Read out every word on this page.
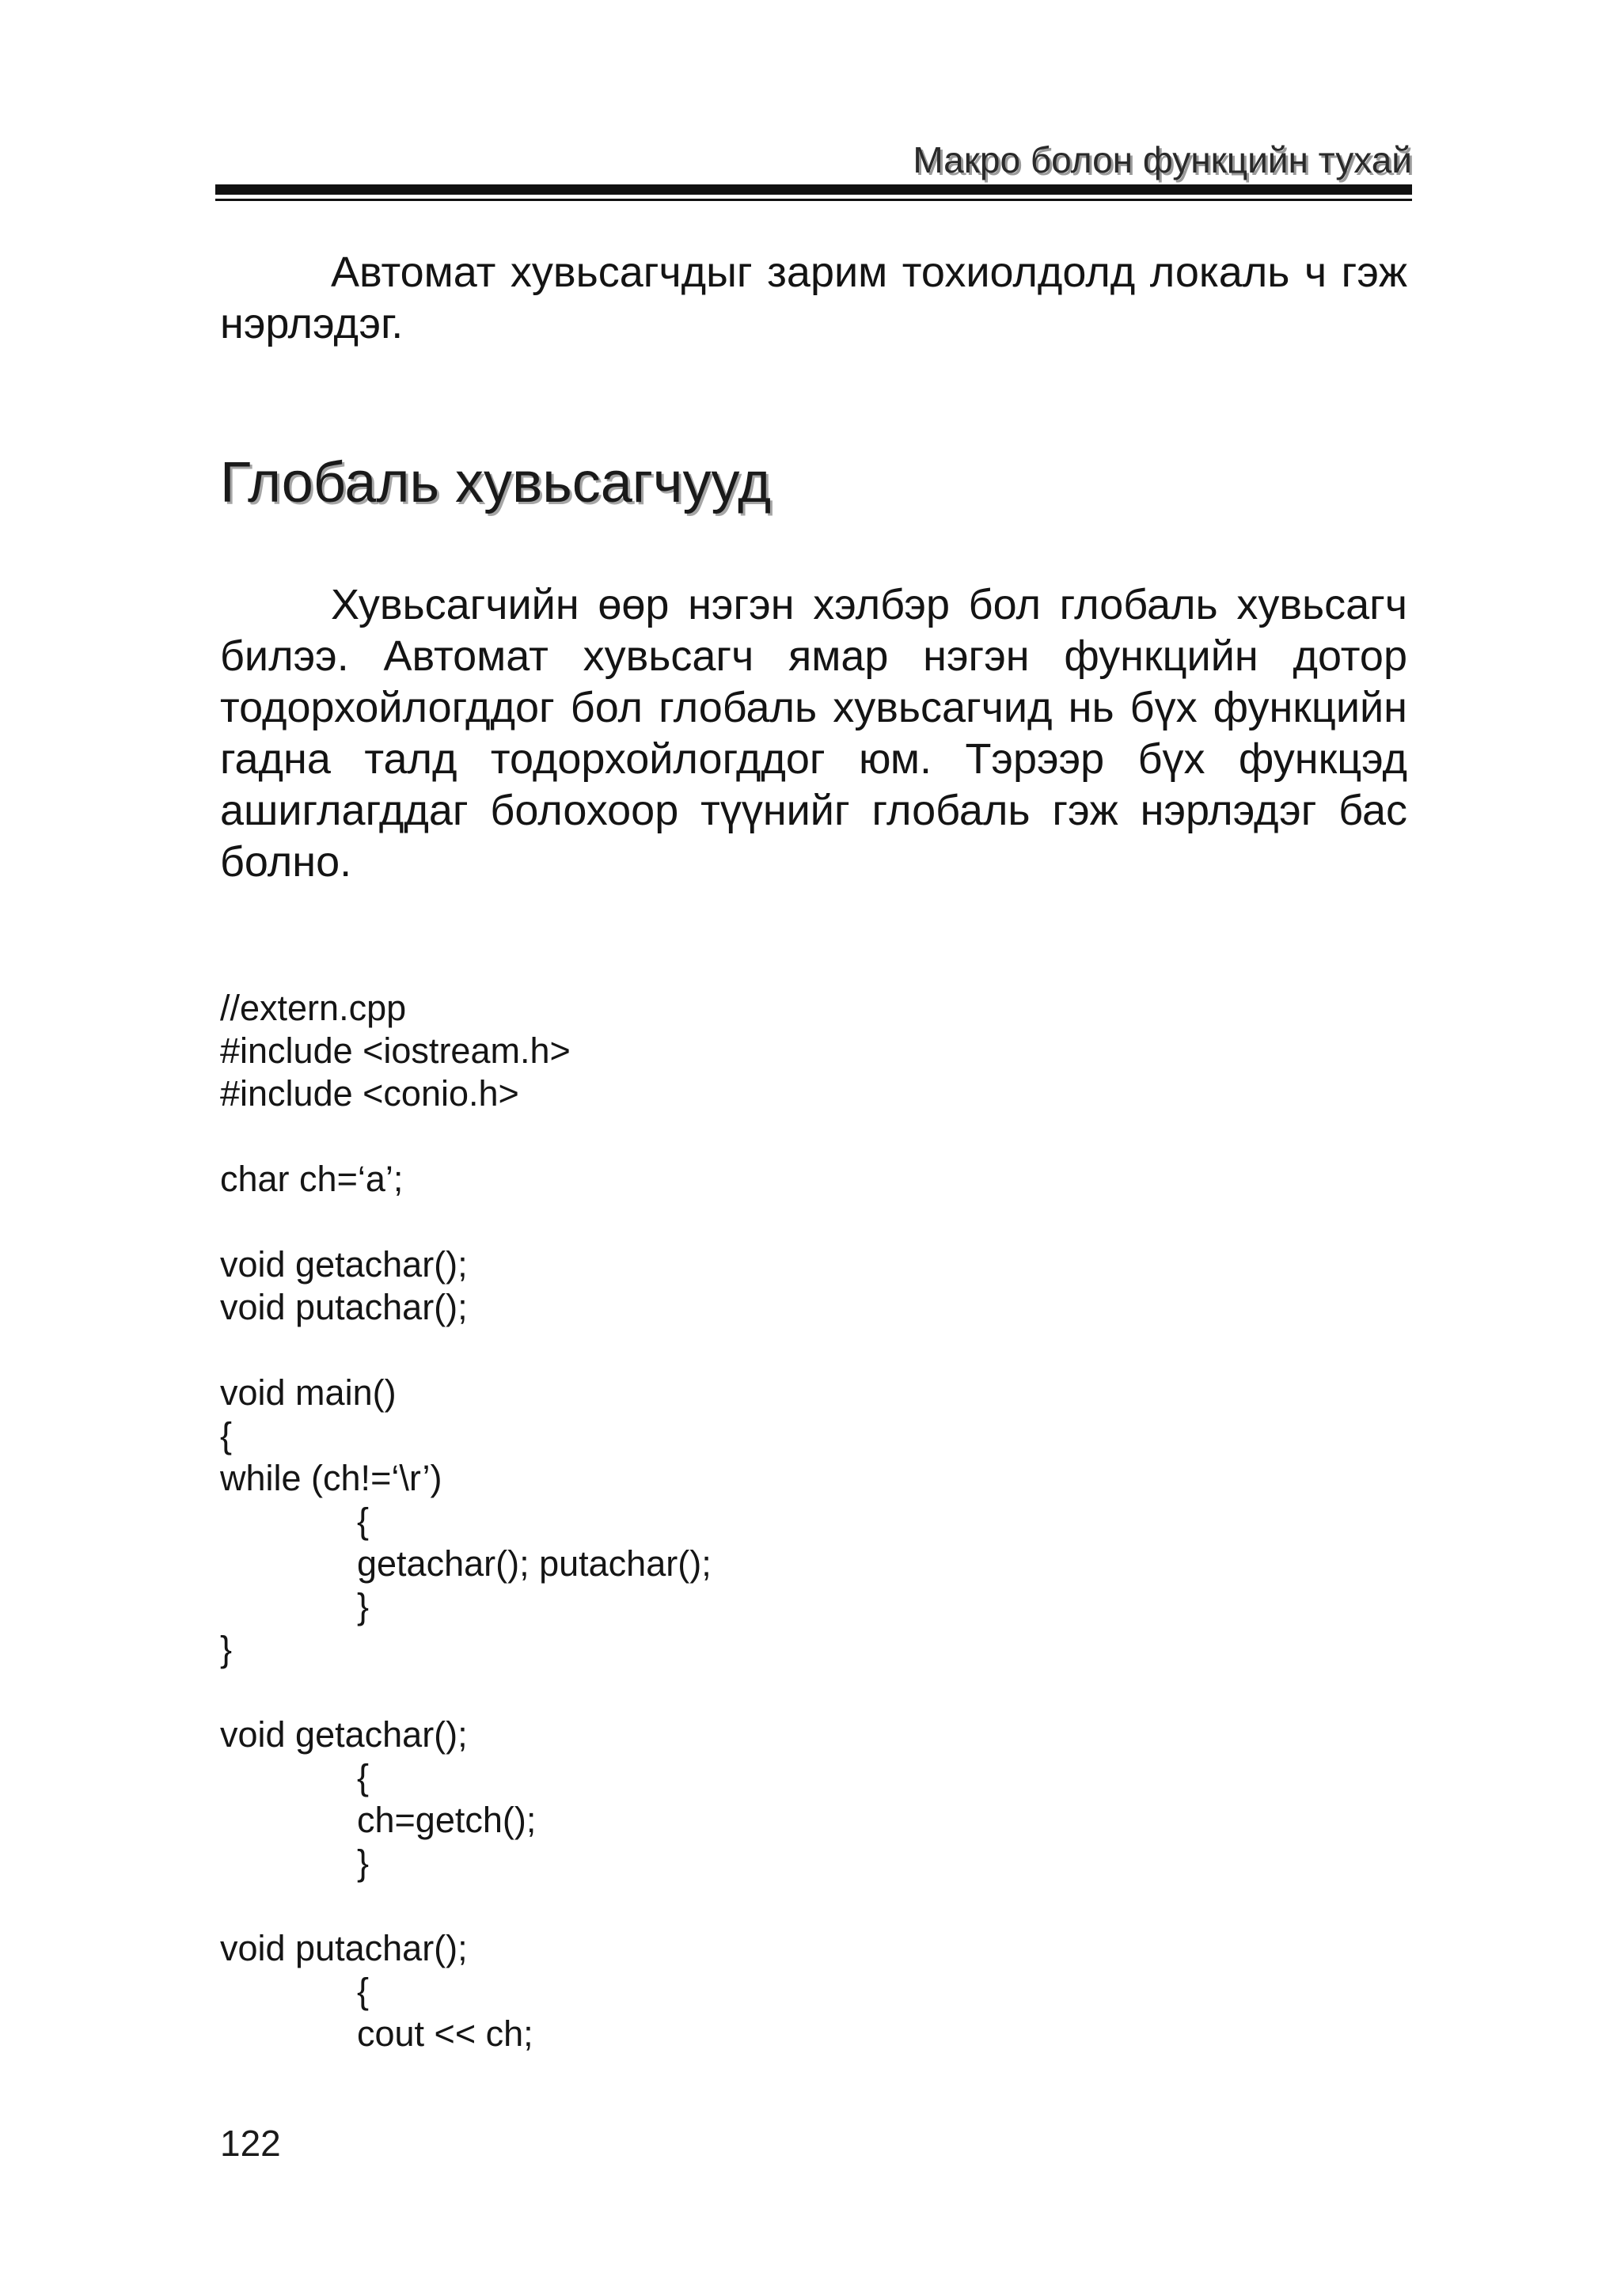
Макро болон функцийн тухай

Автомат хувьсагчдыг зарим тохиолдолд локаль ч гэж нэрлэдэг.

Глобаль хувьсагчууд

Хувьсагчийн өөр нэгэн хэлбэр бол глобаль хувьсагч билээ. Автомат хувьсагч ямар нэгэн функцийн дотор тодорхойлогддог бол глобаль хувьсагчид нь бүх функцийн гадна талд тодорхойлогддог юм. Тэрээр бүх функцэд ашиглагддаг болохоор түүнийг глобаль гэж нэрлэдэг бас болно.

//extern.cpp
#include <iostream.h>
#include <conio.h>
char ch=‘a’;
void getachar();
void putachar();
void main()
{
while (ch!=‘\r’)
{
getachar(); putachar();
}
}
void getachar();
{
ch=getch();
}
void putachar();
{
cout << ch;
122
